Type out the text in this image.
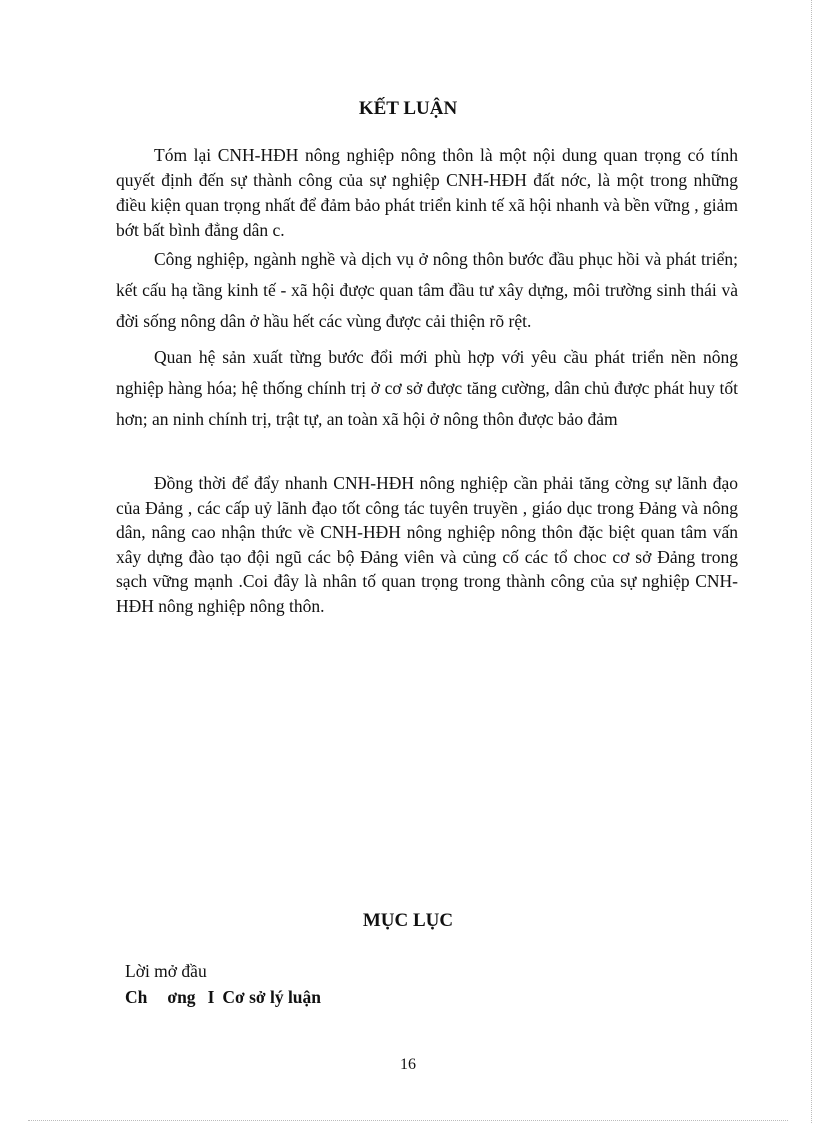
KẾT LUẬN

Tóm lại CNH-HĐH nông nghiệp nông thôn là một nội dung quan trọng có tính quyết định đến sự thành công của sự nghiệp CNH-HĐH đất nớc, là một trong những điều kiện quan trọng nhất để đảm bảo phát triển kinh tế xã hội nhanh và bền vững , giảm bớt bất bình đẳng dân c.

Công nghiệp, ngành nghề và dịch vụ ở nông thôn bước đầu phục hồi và phát triển; kết cấu hạ tầng kinh tế - xã hội được quan tâm đầu tư xây dựng, môi trường sinh thái và đời sống nông dân ở hầu hết các vùng được cải thiện rõ rệt.

Quan hệ sản xuất từng bước đổi mới phù hợp với yêu cầu phát triển nền nông nghiệp hàng hóa; hệ thống chính trị ở cơ sở được tăng cường, dân chủ được phát huy tốt hơn; an ninh chính trị, trật tự, an toàn xã hội ở nông thôn được bảo đảm

Đồng thời để đẩy nhanh CNH-HĐH nông nghiệp cần phải tăng cờng sự lãnh đạo của Đảng , các cấp uỷ lãnh đạo tốt công tác tuyên truyền , giáo dục trong Đảng và nông dân, nâng cao nhận thức về CNH-HĐH nông nghiệp nông thôn đặc biệt quan tâm vấn xây dựng đào tạo đội ngũ các bộ Đảng viên và củng cố các tổ choc cơ sở Đảng trong sạch vững mạnh .Coi đây là nhân tố quan trọng trong thành công của sự nghiệp CNH-HĐH nông nghiệp nông thôn.

MỤC LỤC

Lời mở đầu

Ch ơng I Cơ sở lý luận

16
